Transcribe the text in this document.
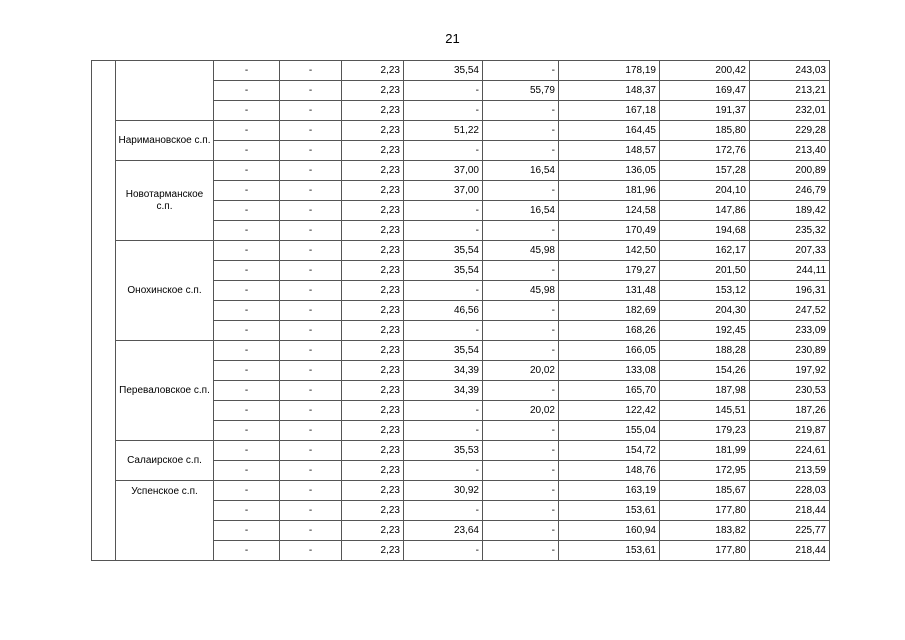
21
		-	-	2,23	35,54	-	178,19	200,42	243,03
		-	-	2,23	-	55,79	148,37	169,47	213,21
		-	-	2,23	-	-	167,18	191,37	232,01
	Наримановское с.п.	-	-	2,23	51,22	-	164,45	185,80	229,28
		-	-	2,23	-	-	148,57	172,76	213,40
	Новотарманское с.п.	-	-	2,23	37,00	16,54	136,05	157,28	200,89
		-	-	2,23	37,00	-	181,96	204,10	246,79
		-	-	2,23	-	16,54	124,58	147,86	189,42
		-	-	2,23	-	-	170,49	194,68	235,32
	Онохинское с.п.	-	-	2,23	35,54	45,98	142,50	162,17	207,33
		-	-	2,23	35,54	-	179,27	201,50	244,11
		-	-	2,23	-	45,98	131,48	153,12	196,31
		-	-	2,23	46,56	-	182,69	204,30	247,52
		-	-	2,23	-	-	168,26	192,45	233,09
	Переваловское с.п.	-	-	2,23	35,54	-	166,05	188,28	230,89
		-	-	2,23	34,39	20,02	133,08	154,26	197,92
		-	-	2,23	34,39	-	165,70	187,98	230,53
		-	-	2,23	-	20,02	122,42	145,51	187,26
		-	-	2,23	-	-	155,04	179,23	219,87
	Салаирское с.п.	-	-	2,23	35,53	-	154,72	181,99	224,61
		-	-	2,23	-	-	148,76	172,95	213,59
	Успенское с.п.	-	-	2,23	30,92	-	163,19	185,67	228,03
		-	-	2,23	-	-	153,61	177,80	218,44
		-	-	2,23	23,64	-	160,94	183,82	225,77
		-	-	2,23	-	-	153,61	177,80	218,44
